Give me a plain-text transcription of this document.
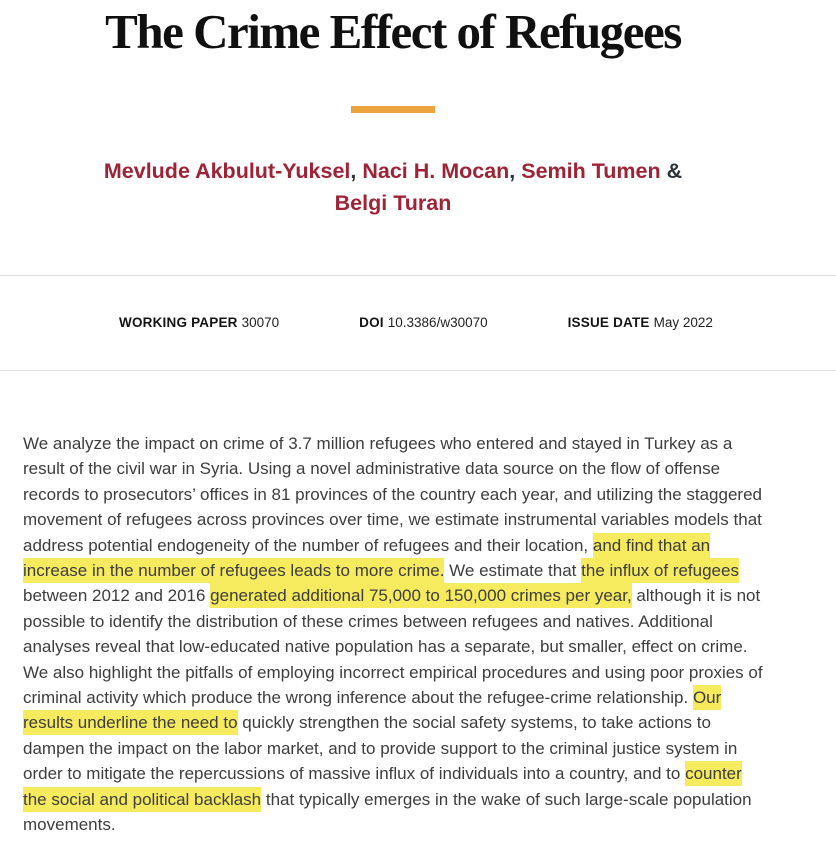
The Crime Effect of Refugees
Mevlude Akbulut-Yuksel, Naci H. Mocan, Semih Tumen &
Belgi Turan
WORKING PAPER 30070	DOI 10.3386/w30070	ISSUE DATE May 2022

We analyze the impact on crime of 3.7 million refugees who entered and stayed in Turkey as a result of the civil war in Syria. Using a novel administrative data source on the flow of offense records to prosecutors’ offices in 81 provinces of the country each year, and utilizing the staggered movement of refugees across provinces over time, we estimate instrumental variables models that address potential endogeneity of the number of refugees and their location, and find that an increase in the number of refugees leads to more crime. We estimate that the influx of refugees between 2012 and 2016 generated additional 75,000 to 150,000 crimes per year, although it is not possible to identify the distribution of these crimes between refugees and natives. Additional analyses reveal that low-educated native population has a separate, but smaller, effect on crime. We also highlight the pitfalls of employing incorrect empirical procedures and using poor proxies of criminal activity which produce the wrong inference about the refugee-crime relationship. Our results underline the need to quickly strengthen the social safety systems, to take actions to dampen the impact on the labor market, and to provide support to the criminal justice system in order to mitigate the repercussions of massive influx of individuals into a country, and to counter the social and political backlash that typically emerges in the wake of such large-scale population movements.
